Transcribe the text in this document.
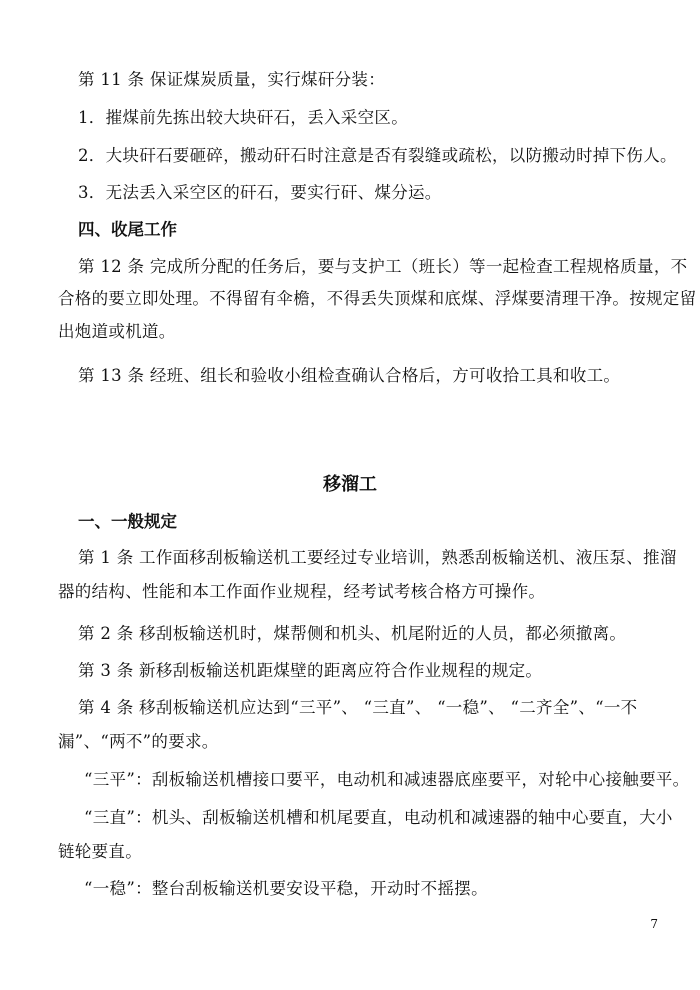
第 11 条 保证煤炭质量，实行煤矸分装：
1．摧煤前先拣出较大块矸石，丢入采空区。
2．大块矸石要砸碎，搬动矸石时注意是否有裂缝或疏松，以防搬动时掉下伤人。
3．无法丢入采空区的矸石，要实行矸、煤分运。
四、收尾工作
第 12 条 完成所分配的任务后，要与支护工（班长）等一起检查工程规格质量，不
合格的要立即处理。不得留有伞檐，不得丢失顶煤和底煤、浮煤要清理干净。按规定留
出炮道或机道。
第 13 条 经班、组长和验收小组检查确认合格后，方可收拾工具和收工。
移溜工
一、一般规定
第 1 条 工作面移刮板输送机工要经过专业培训，熟悉刮板输送机、液压泵、推溜
器的结构、性能和本工作面作业规程，经考试考核合格方可操作。
第 2 条 移刮板输送机时，煤帮侧和机头、机尾附近的人员，都必须撤离。
第 3 条 新移刮板输送机距煤壁的距离应符合作业规程的规定。
第 4 条 移刮板输送机应达到“三平”、 “三直”、 “一稳”、 “二齐全”、“一不
漏”、“两不”的要求。
“三平”：刮板输送机槽接口要平，电动机和减速器底座要平，对轮中心接触要平。
“三直”：机头、刮板输送机槽和机尾要直，电动机和减速器的轴中心要直，大小
链轮要直。
“一稳”：整台刮板输送机要安设平稳，开动时不摇摆。
7
